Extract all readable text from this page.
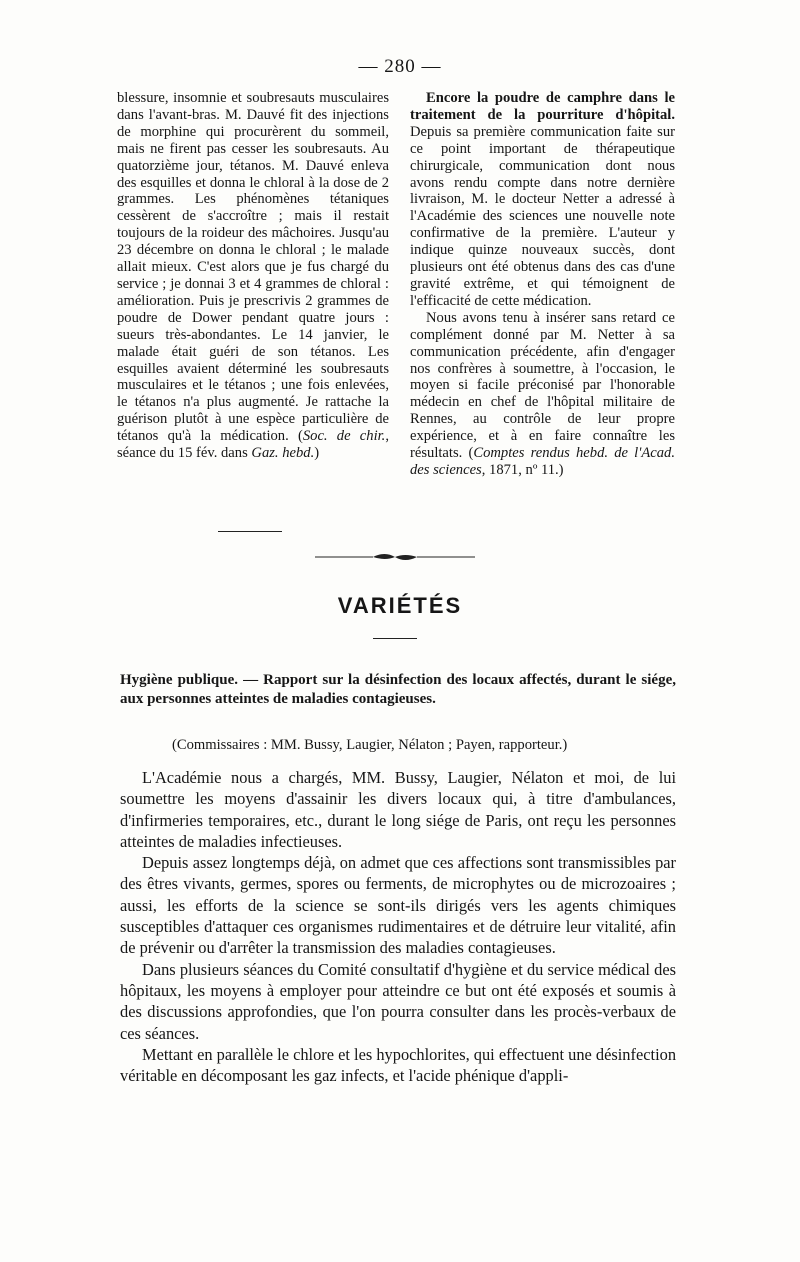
— 280 —

blessure, insomnie et soubresauts musculaires dans l'avant-bras. M. Dauvé fit des injections de morphine qui procurèrent du sommeil, mais ne firent pas cesser les soubresauts. Au quatorzième jour, tétanos. M. Dauvé enleva des esquilles et donna le chloral à la dose de 2 grammes. Les phénomènes tétaniques cessèrent de s'accroître ; mais il restait toujours de la roideur des mâchoires. Jusqu'au 23 décembre on donna le chloral ; le malade allait mieux. C'est alors que je fus chargé du service ; je donnai 3 et 4 grammes de chloral : amélioration. Puis je prescrivis 2 grammes de poudre de Dower pendant quatre jours : sueurs très-abondantes. Le 14 janvier, le malade était guéri de son tétanos. Les esquilles avaient déterminé les soubresauts musculaires et le tétanos ; une fois enlevées, le tétanos n'a plus augmenté. Je rattache la guérison plutôt à une espèce particulière de tétanos qu'à la médication. (Soc. de chir., séance du 15 fév. dans Gaz. hebd.)

Encore la poudre de camphre dans le traitement de la pourriture d'hôpital. Depuis sa première communication faite sur ce point important de thérapeutique chirurgicale, communication dont nous avons rendu compte dans notre dernière livraison, M. le docteur Netter a adressé à l'Académie des sciences une nouvelle note confirmative de la première. L'auteur y indique quinze nouveaux succès, dont plusieurs ont été obtenus dans des cas d'une gravité extrême, et qui témoignent de l'efficacité de cette médication.

Nous avons tenu à insérer sans retard ce complément donné par M. Netter à sa communication précédente, afin d'engager nos confrères à soumettre, à l'occasion, le moyen si facile préconisé par l'honorable médecin en chef de l'hôpital militaire de Rennes, au contrôle de leur propre expérience, et à en faire connaître les résultats. (Comptes rendus hebd. de l'Acad. des sciences, 1871, nº 11.)

VARIÉTÉS
Hygiène publique. — Rapport sur la désinfection des locaux affectés, durant le siége, aux personnes atteintes de maladies contagieuses.
(Commissaires : MM. Bussy, Laugier, Nélaton ; Payen, rapporteur.)

L'Académie nous a chargés, MM. Bussy, Laugier, Nélaton et moi, de lui soumettre les moyens d'assainir les divers locaux qui, à titre d'ambulances, d'infirmeries temporaires, etc., durant le long siége de Paris, ont reçu les personnes atteintes de maladies infectieuses.

Depuis assez longtemps déjà, on admet que ces affections sont transmissibles par des êtres vivants, germes, spores ou ferments, de microphytes ou de microzoaires ; aussi, les efforts de la science se sont-ils dirigés vers les agents chimiques susceptibles d'attaquer ces organismes rudimentaires et de détruire leur vitalité, afin de prévenir ou d'arrêter la transmission des maladies contagieuses.

Dans plusieurs séances du Comité consultatif d'hygiène et du service médical des hôpitaux, les moyens à employer pour atteindre ce but ont été exposés et soumis à des discussions approfondies, que l'on pourra consulter dans les procès-verbaux de ces séances.

Mettant en parallèle le chlore et les hypochlorites, qui effectuent une désinfection véritable en décomposant les gaz infects, et l'acide phénique d'appli-
